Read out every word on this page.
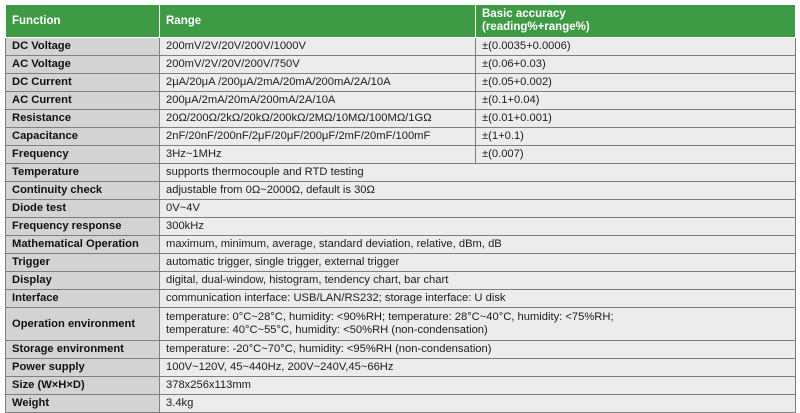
Function	Range	Basic accuracy
(reading%+range%)

DC Voltage	200mV/2V/20V/200V/1000V	±(0.0035+0.0006)
AC Voltage	200mV/2V/20V/200V/750V	±(0.06+0.03)
DC Current	2μA/20μA /200μA/2mA/20mA/200mA/2A/10A	±(0.05+0.002)
AC Current	200μA/2mA/20mA/200mA/2A/10A	±(0.1+0.04)
Resistance	20Ω/200Ω/2kΩ/20kΩ/200kΩ/2MΩ/10MΩ/100MΩ/1GΩ	±(0.01+0.001)
Capacitance	2nF/20nF/200nF/2μF/20μF/200μF/2mF/20mF/100mF	±(1+0.1)
Frequency	3Hz~1MHz	±(0.007)
Temperature	supports thermocouple and RTD testing	
Continuity check	adjustable from 0Ω~2000Ω, default is 30Ω	
Diode test	0V~4V	
Frequency response	300kHz	
Mathematical Operation	maximum, minimum, average, standard deviation, relative, dBm, dB	
Trigger	automatic trigger, single trigger, external trigger	
Display	digital, dual-window, histogram, tendency chart, bar chart	
Interface	communication interface: USB/LAN/RS232; storage interface: U disk	
Operation environment	temperature: 0°C~28°C, humidity: <90%RH; temperature: 28°C~40°C, humidity: <75%RH;
temperature: 40°C~55°C, humidity: <50%RH (non-condensation)	

Storage environment	temperature: -20°C~70°C, humidity: <95%RH (non-condensation)	
Power supply	100V~120V, 45~440Hz, 200V~240V,45~66Hz	
Size (W×H×D)	378x256x113mm	
Weight	3.4kg	
